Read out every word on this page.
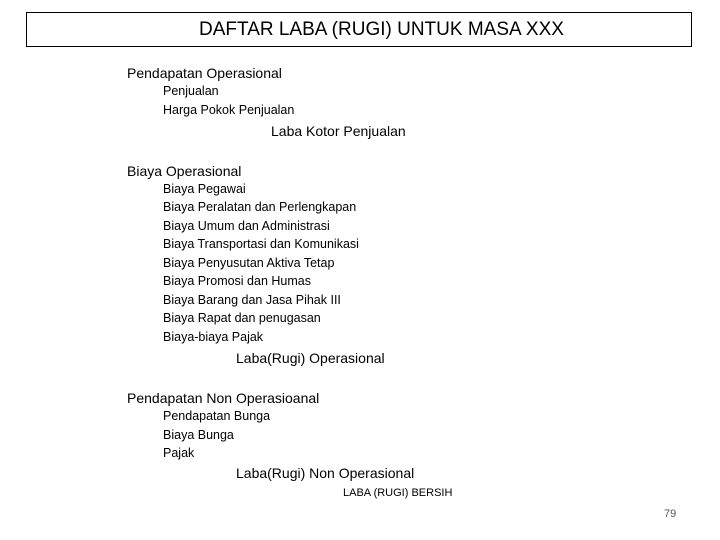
DAFTAR LABA (RUGI) UNTUK MASA XXX
Pendapatan Operasional
Penjualan
Harga Pokok Penjualan
Laba Kotor Penjualan
Biaya Operasional
Biaya Pegawai
Biaya Peralatan dan Perlengkapan
Biaya Umum dan Administrasi
Biaya Transportasi dan Komunikasi
Biaya Penyusutan Aktiva Tetap
Biaya Promosi dan Humas
Biaya Barang dan Jasa Pihak III
Biaya Rapat dan penugasan
Biaya-biaya Pajak
Laba(Rugi) Operasional
Pendapatan Non Operasioanal
Pendapatan Bunga
Biaya Bunga
Pajak
Laba(Rugi) Non Operasional
LABA (RUGI) BERSIH
79
